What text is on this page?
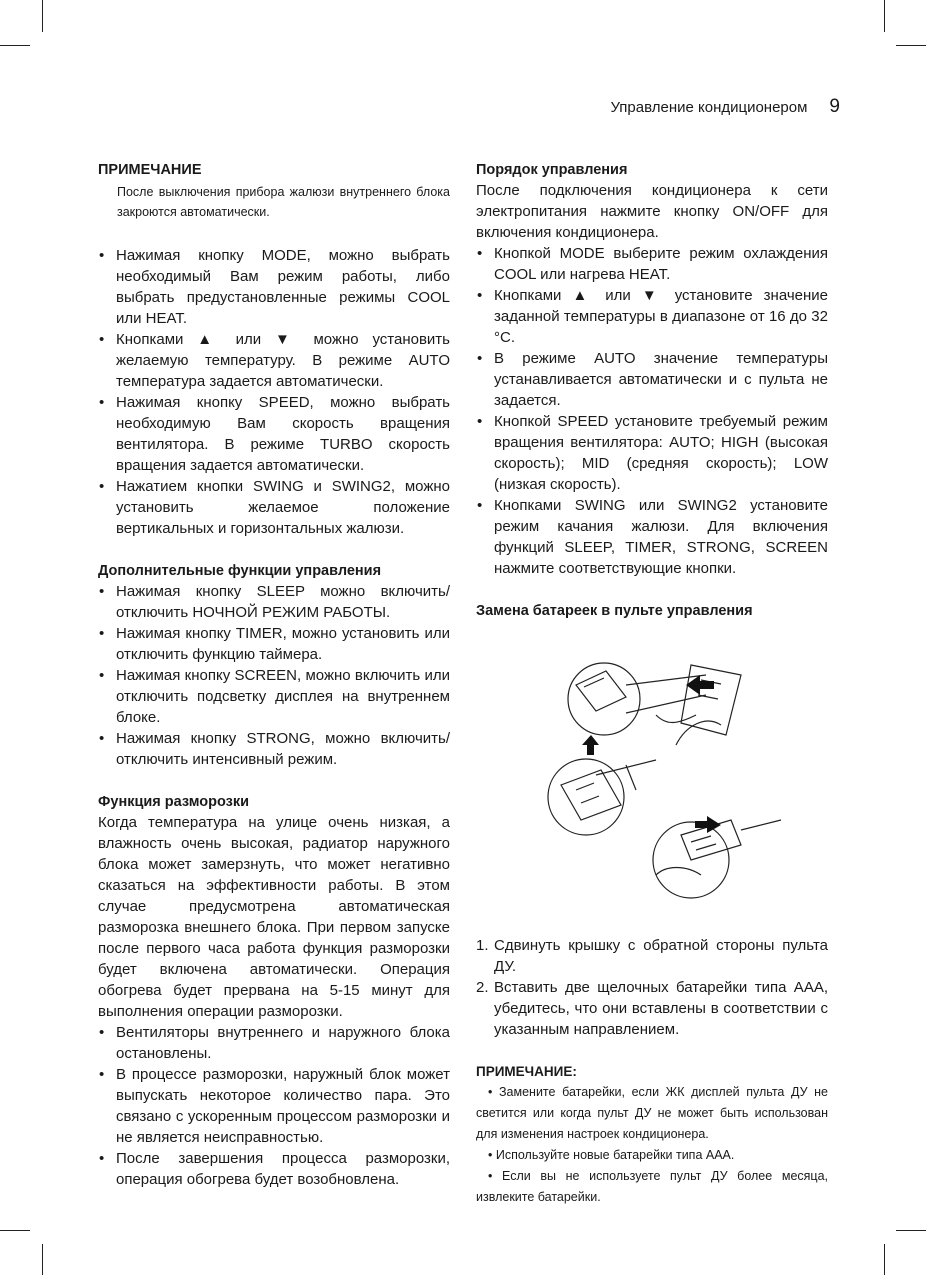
Управление кондиционером 9
ПРИМЕЧАНИЕ

После выключения прибора жалюзи внутреннего блока закроются автоматически.

• Нажимая кнопку MODE, можно выбрать необходимый Вам режим работы, либо выбрать предустановленные режимы COOL или HEAT.
• Кнопками ▲ или ▼ можно установить желаемую температуру. В режиме AUTO температура задается автоматически.
• Нажимая кнопку SPEED, можно выбрать необходимую Вам скорость вращения вентилятора. В режиме TURBO скорость вращения задается автоматически.
• Нажатием кнопки SWING и SWING2, можно установить желаемое положение вертикальных и горизонтальных жалюзи.
Дополнительные функции управления
• Нажимая кнопку SLEEP можно включить/отключить НОЧНОЙ РЕЖИМ РАБОТЫ.
• Нажимая кнопку TIMER, можно установить или отключить функцию таймера.
• Нажимая кнопку SCREEN, можно включить или отключить подсветку дисплея на внутреннем блоке.
• Нажимая кнопку STRONG, можно включить/отключить интенсивный режим.
Функция разморозки

Когда температура на улице очень низкая, а влажность очень высокая, радиатор наружного блока может замерзнуть, что может негативно сказаться на эффективности работы. В этом случае предусмотрена автоматическая разморозка внешнего блока. При первом запуске после первого часа работа функция разморозки будет включена автоматически. Операция обогрева будет прервана на 5-15 минут для выполнения операции разморозки.

• Вентиляторы внутреннего и наружного блока остановлены.
• В процессе разморозки, наружный блок может выпускать некоторое количество пара. Это связано с ускоренным процессом разморозки и не является неисправностью.
• После завершения процесса разморозки, операция обогрева будет возобновлена.
Порядок управления

После подключения кондиционера к сети электропитания нажмите кнопку ON/OFF для включения кондиционера.

• Кнопкой MODE выберите режим охлаждения COOL или нагрева HEAT.
• Кнопками ▲ или ▼ установите значение заданной температуры в диапазоне от 16 до 32 °C.
• В режиме AUTO значение температуры устанавливается автоматически и с пульта не задается.
• Кнопкой SPEED установите требуемый режим вращения вентилятора: AUTO; HIGH (высокая скорость); MID (средняя скорость); LOW (низкая скорость).
• Кнопками SWING или SWING2 установите режим качания жалюзи. Для включения функций SLEEP, TIMER, STRONG, SCREEN нажмите соответствующие кнопки.
Замена батареек в пульте управления
1. Сдвинуть крышку с обратной стороны пульта ДУ.
2. Вставить две щелочных батарейки типа ААА, убедитесь, что они вставлены в соответствии с указанным направлением.
ПРИМЕЧАНИЕ:

• Замените батарейки, если ЖК дисплей пульта ДУ не светится или когда пульт ДУ не может быть использован для изменения настроек кондиционера.

• Используйте новые батарейки типа ААА.

• Если вы не используете пульт ДУ более месяца, извлеките батарейки.
